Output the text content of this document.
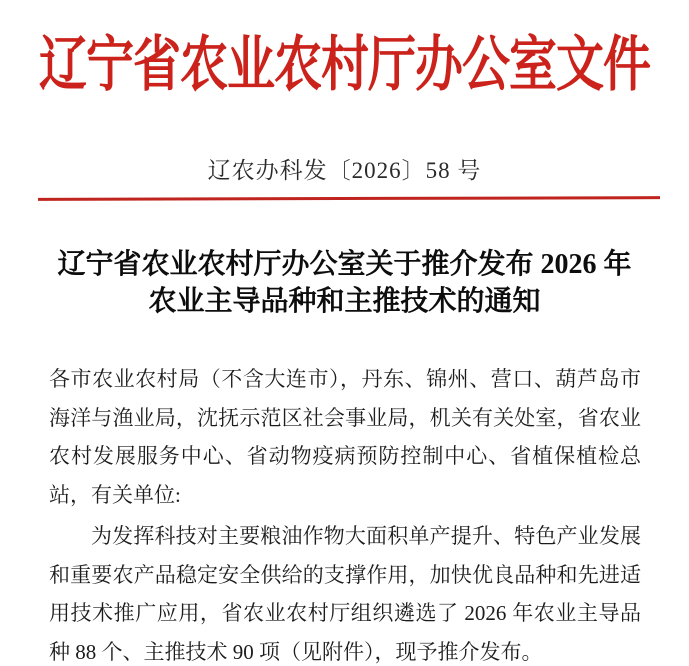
辽宁省农业农村厅办公室文件
辽农办科发〔2026〕58 号
辽宁省农业农村厅办公室关于推介发布 2026 年
农业主导品种和主推技术的通知

各市农业农村局（不含大连市），丹东、锦州、营口、葫芦岛市海洋与渔业局，沈抚示范区社会事业局，机关有关处室，省农业农村发展服务中心、省动物疫病预防控制中心、省植保植检总站，有关单位:

为发挥科技对主要粮油作物大面积单产提升、特色产业发展和重要农产品稳定安全供给的支撑作用，加快优良品种和先进适用技术推广应用，省农业农村厅组织遴选了 2026 年农业主导品种 88 个、主推技术 90 项（见附件），现予推介发布。
